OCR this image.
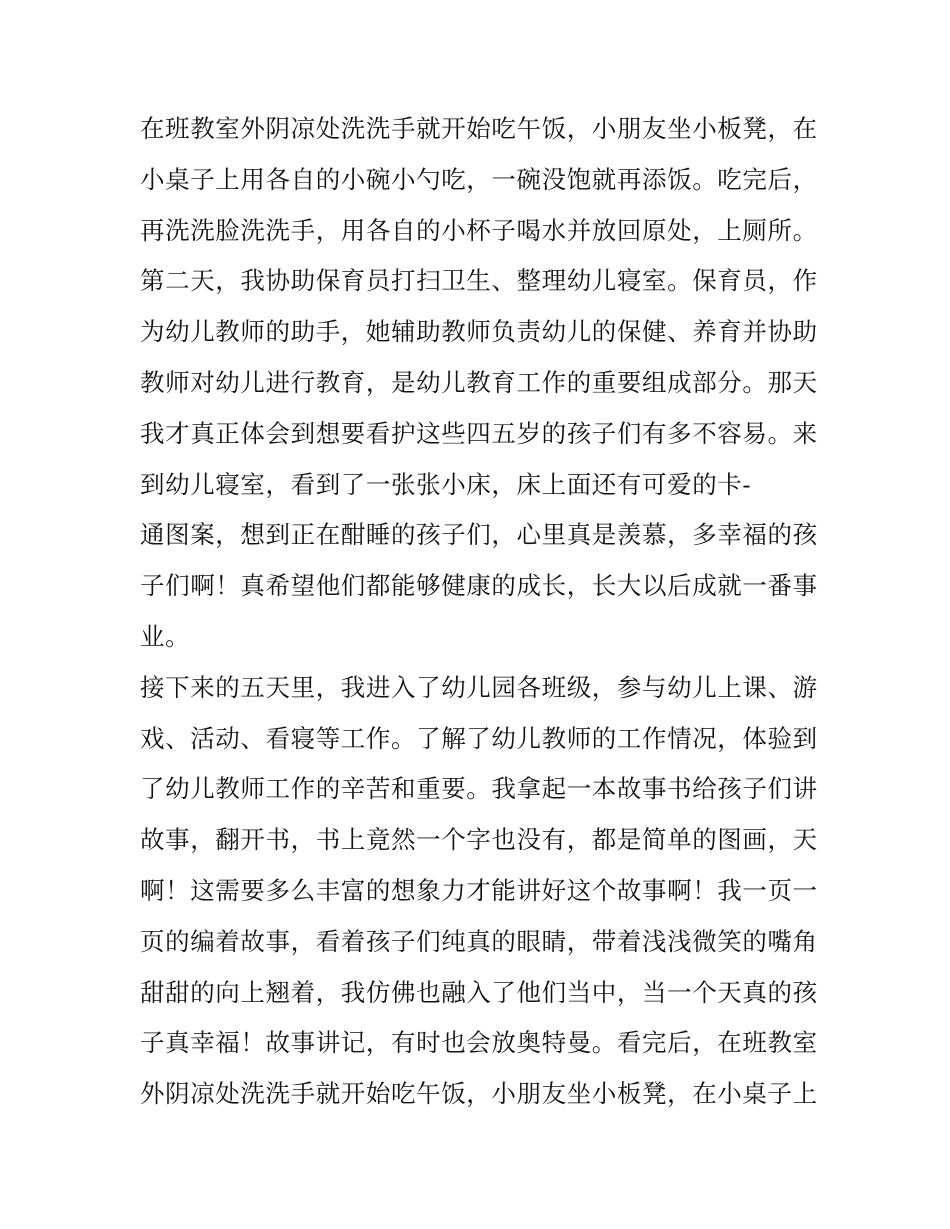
在班教室外阴凉处洗洗手就开始吃午饭，小朋友坐小板凳，在
小桌子上用各自的小碗小勺吃，一碗没饱就再添饭。吃完后，
再洗洗脸洗洗手，用各自的小杯子喝水并放回原处，上厕所。
第二天，我协助保育员打扫卫生、整理幼儿寝室。保育员，作
为幼儿教师的助手，她辅助教师负责幼儿的保健、养育并协助
教师对幼儿进行教育，是幼儿教育工作的重要组成部分。那天
我才真正体会到想要看护这些四五岁的孩子们有多不容易。来
到幼儿寝室，看到了一张张小床，床上面还有可爱的卡-
通图案，想到正在酣睡的孩子们，心里真是羡慕，多幸福的孩
子们啊！真希望他们都能够健康的成长，长大以后成就一番事
业。
接下来的五天里，我进入了幼儿园各班级，参与幼儿上课、游
戏、活动、看寝等工作。了解了幼儿教师的工作情况，体验到
了幼儿教师工作的辛苦和重要。我拿起一本故事书给孩子们讲
故事，翻开书，书上竟然一个字也没有，都是简单的图画，天
啊！这需要多么丰富的想象力才能讲好这个故事啊！我一页一
页的编着故事，看着孩子们纯真的眼睛，带着浅浅微笑的嘴角
甜甜的向上翘着，我仿佛也融入了他们当中，当一个天真的孩
子真幸福！故事讲记，有时也会放奥特曼。看完后，在班教室
外阴凉处洗洗手就开始吃午饭，小朋友坐小板凳，在小桌子上
